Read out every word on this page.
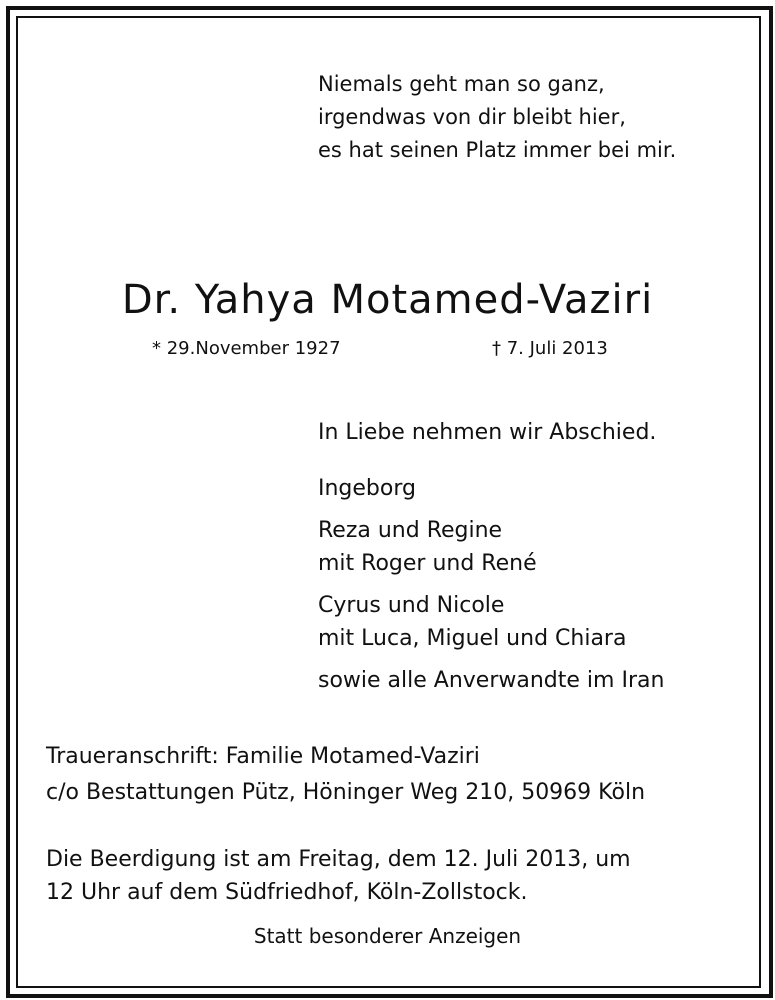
Niemals geht man so ganz,
irgendwas von dir bleibt hier,
es hat seinen Platz immer bei mir.
Dr. Yahya Motamed-Vaziri
* 29.November 1927	† 7. Juli 2013
In Liebe nehmen wir Abschied.
Ingeborg
Reza und Regine
mit Roger und René
Cyrus und Nicole
mit Luca, Miguel und Chiara
sowie alle Anverwandte im Iran
Traueranschrift: Familie Motamed-Vaziri
c/o Bestattungen Pütz, Höninger Weg 210, 50969 Köln
Die Beerdigung ist am Freitag, dem 12. Juli 2013, um
12 Uhr auf dem Südfriedhof, Köln-Zollstock.
Statt besonderer Anzeigen
